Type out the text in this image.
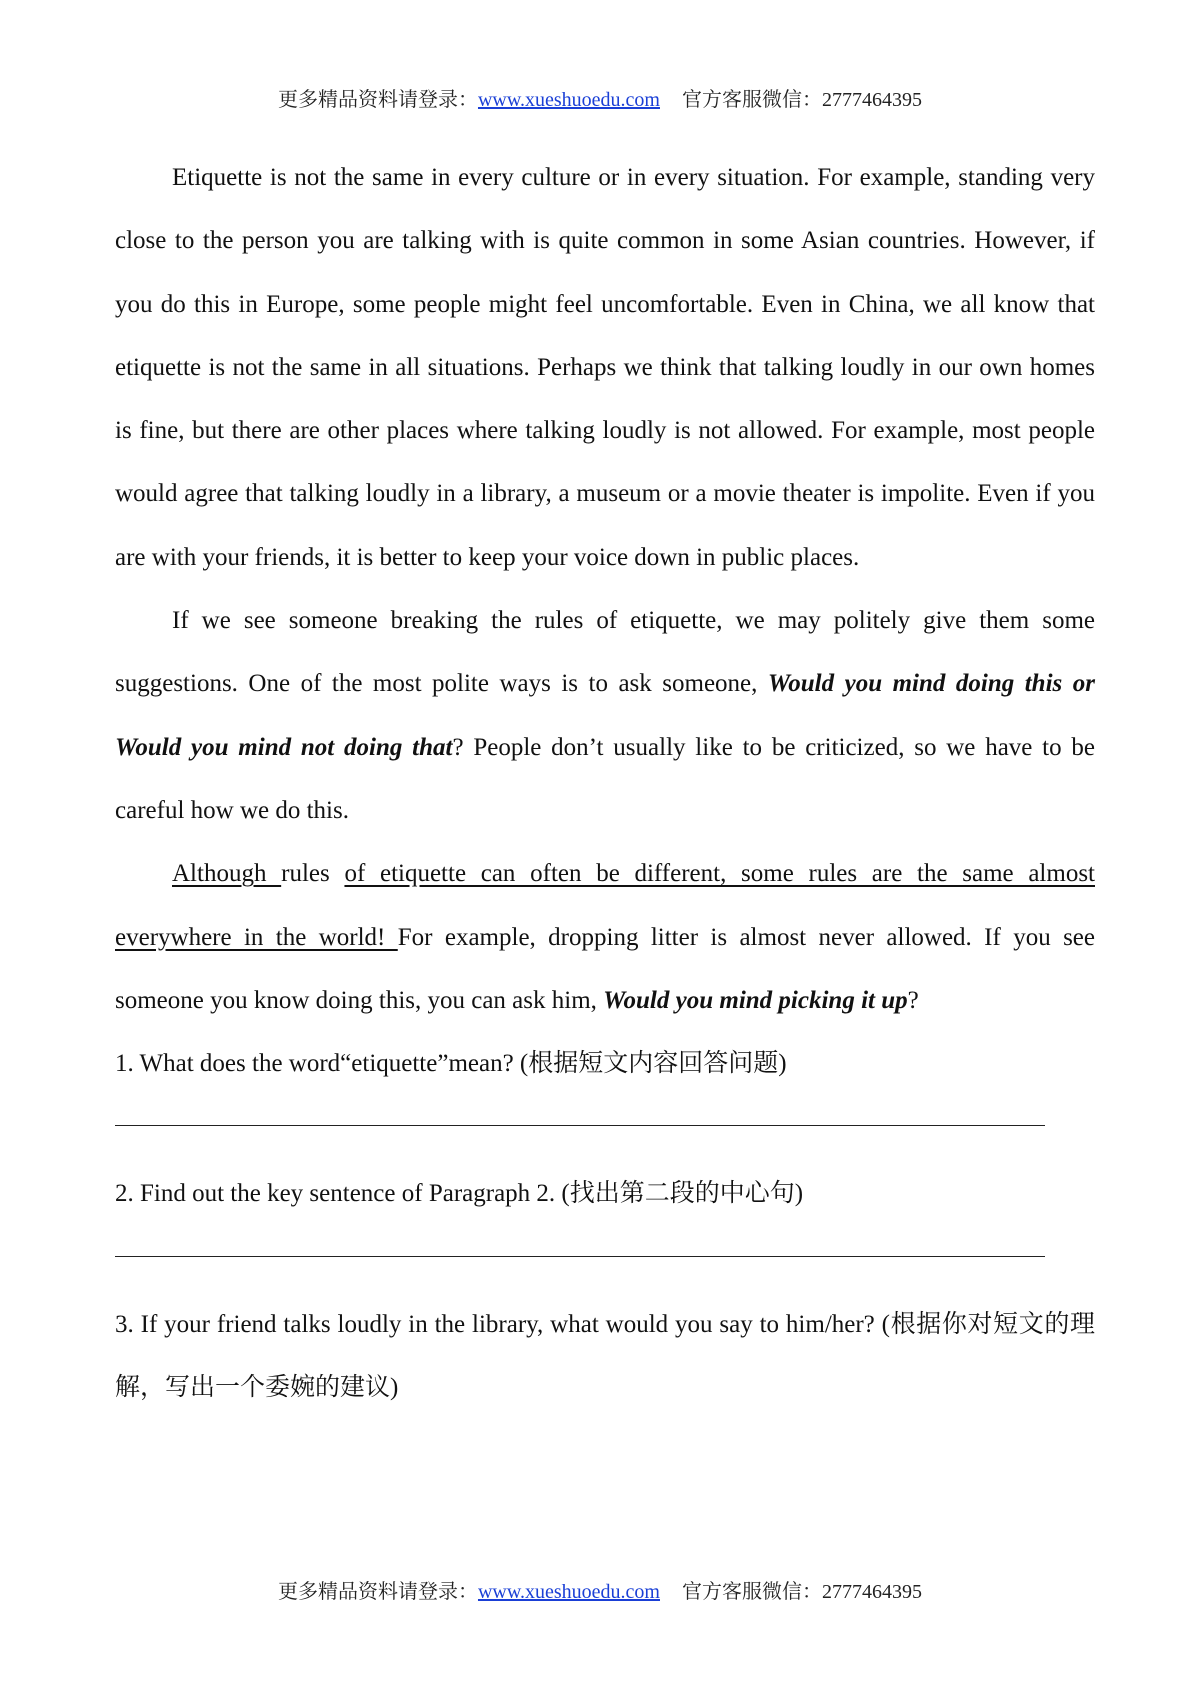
更多精品资料请登录：www.xueshuoedu.com 官方客服微信：2777464395

Etiquette is not the same in every culture or in every situation. For example, standing very close to the person you are talking with is quite common in some Asian countries. However, if you do this in Europe, some people might feel uncomfortable. Even in China, we all know that etiquette is not the same in all situations. Perhaps we think that talking loudly in our own homes is fine, but there are other places where talking loudly is not allowed. For example, most people would agree that talking loudly in a library, a museum or a movie theater is impolite. Even if you are with your friends, it is better to keep your voice down in public places.

If we see someone breaking the rules of etiquette, we may politely give them some suggestions. One of the most polite ways is to ask someone, Would you mind doing this or Would you mind not doing that? People don’t usually like to be criticized, so we have to be careful how we do this.

Although rules of etiquette can often be different, some rules are the same almost everywhere in the world! For example, dropping litter is almost never allowed. If you see someone you know doing this, you can ask him, Would you mind picking it up?

1. What does the word“etiquette”mean? (根据短文内容回答问题)

2. Find out the key sentence of Paragraph 2. (找出第二段的中心句)

3. If your friend talks loudly in the library, what would you say to him/her? (根据你对短文的理解，写出一个委婉的建议)

更多精品资料请登录：www.xueshuoedu.com 官方客服微信：2777464395
